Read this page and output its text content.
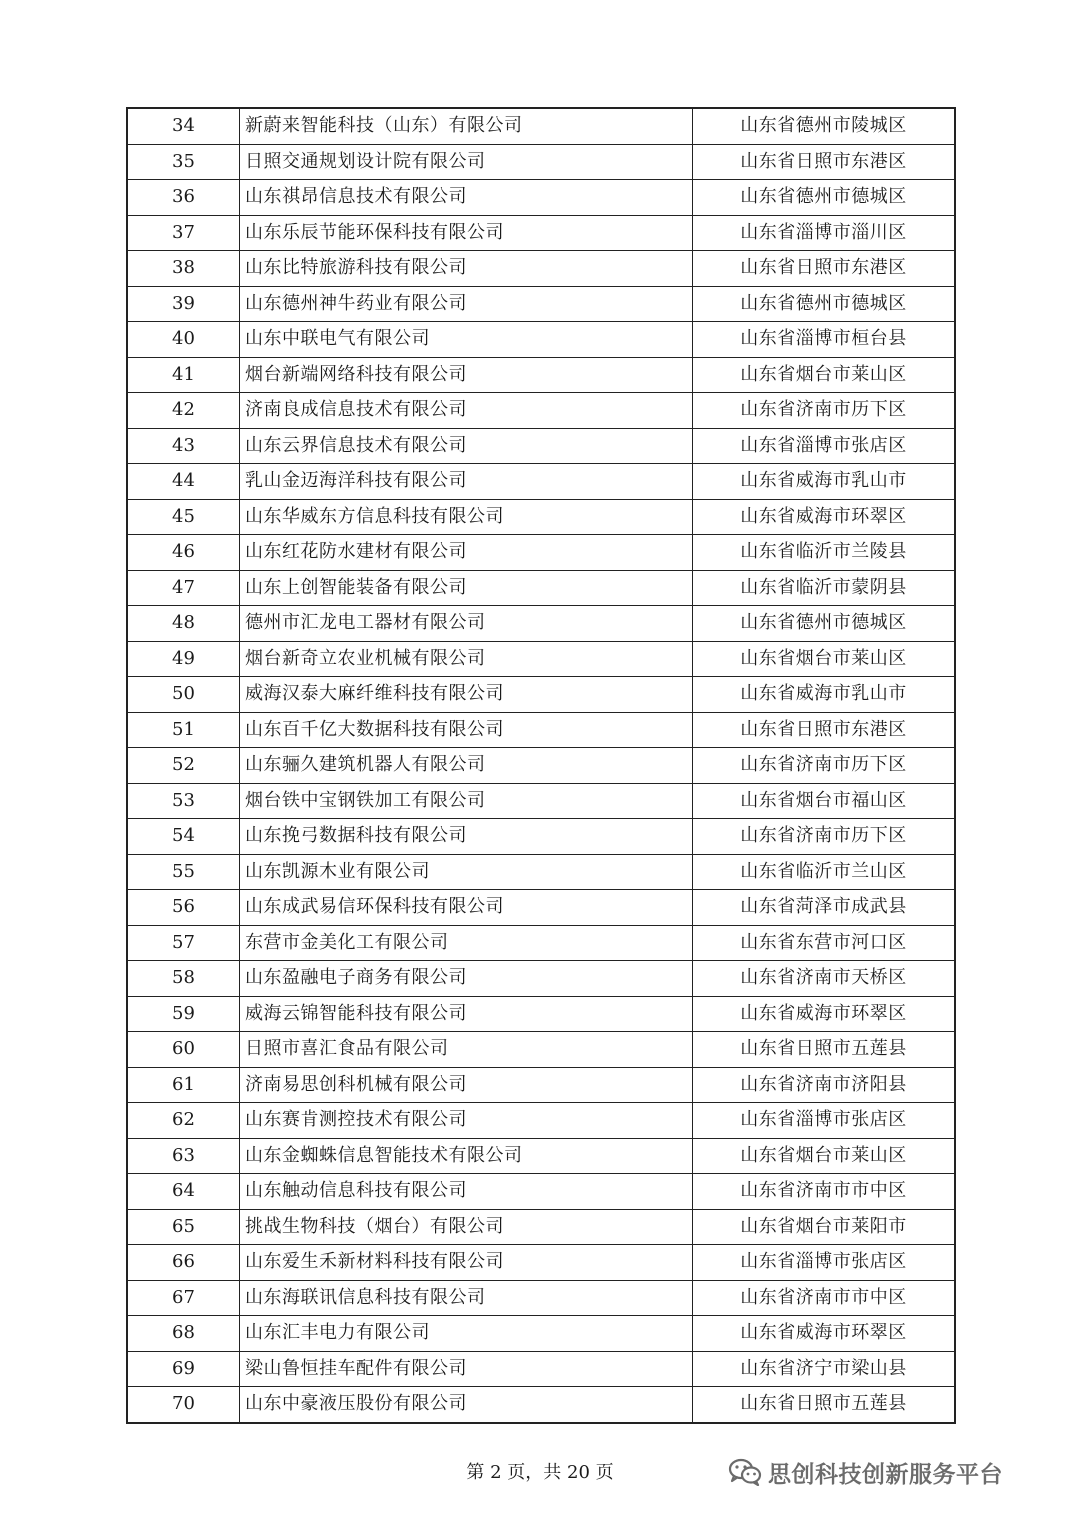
34	新蔚来智能科技（山东）有限公司	山东省德州市陵城区
35	日照交通规划设计院有限公司	山东省日照市东港区
36	山东祺昂信息技术有限公司	山东省德州市德城区
37	山东乐辰节能环保科技有限公司	山东省淄博市淄川区
38	山东比特旅游科技有限公司	山东省日照市东港区
39	山东德州神牛药业有限公司	山东省德州市德城区
40	山东中联电气有限公司	山东省淄博市桓台县
41	烟台新端网络科技有限公司	山东省烟台市莱山区
42	济南良成信息技术有限公司	山东省济南市历下区
43	山东云界信息技术有限公司	山东省淄博市张店区
44	乳山金迈海洋科技有限公司	山东省威海市乳山市
45	山东华威东方信息科技有限公司	山东省威海市环翠区
46	山东红花防水建材有限公司	山东省临沂市兰陵县
47	山东上创智能装备有限公司	山东省临沂市蒙阴县
48	德州市汇龙电工器材有限公司	山东省德州市德城区
49	烟台新奇立农业机械有限公司	山东省烟台市莱山区
50	威海汉泰大麻纤维科技有限公司	山东省威海市乳山市
51	山东百千亿大数据科技有限公司	山东省日照市东港区
52	山东骊久建筑机器人有限公司	山东省济南市历下区
53	烟台铁中宝钢铁加工有限公司	山东省烟台市福山区
54	山东挽弓数据科技有限公司	山东省济南市历下区
55	山东凯源木业有限公司	山东省临沂市兰山区
56	山东成武易信环保科技有限公司	山东省菏泽市成武县
57	东营市金美化工有限公司	山东省东营市河口区
58	山东盈融电子商务有限公司	山东省济南市天桥区
59	威海云锦智能科技有限公司	山东省威海市环翠区
60	日照市喜汇食品有限公司	山东省日照市五莲县
61	济南易思创科机械有限公司	山东省济南市济阳县
62	山东赛肯测控技术有限公司	山东省淄博市张店区
63	山东金蜘蛛信息智能技术有限公司	山东省烟台市莱山区
64	山东触动信息科技有限公司	山东省济南市市中区
65	挑战生物科技（烟台）有限公司	山东省烟台市莱阳市
66	山东爱生禾新材料科技有限公司	山东省淄博市张店区
67	山东海联讯信息科技有限公司	山东省济南市市中区
68	山东汇丰电力有限公司	山东省威海市环翠区
69	梁山鲁恒挂车配件有限公司	山东省济宁市梁山县
70	山东中豪液压股份有限公司	山东省日照市五莲县
第 2 页，共 20 页	思创科技创新服务平台
